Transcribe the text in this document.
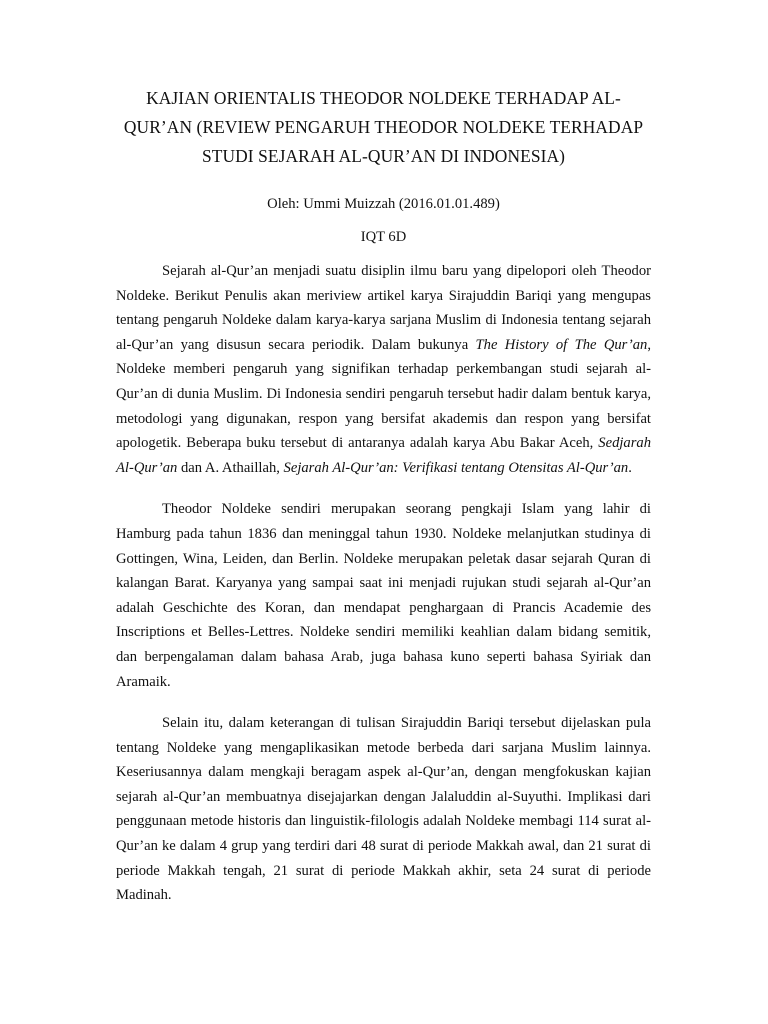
KAJIAN ORIENTALIS THEODOR NOLDEKE TERHADAP AL-QUR’AN (REVIEW PENGARUH THEODOR NOLDEKE TERHADAP STUDI SEJARAH AL-QUR’AN DI INDONESIA)
Oleh: Ummi Muizzah (2016.01.01.489)
IQT 6D

Sejarah al-Qur’an menjadi suatu disiplin ilmu baru yang dipelopori oleh Theodor Noldeke. Berikut Penulis akan meriview artikel karya Sirajuddin Bariqi yang mengupas tentang pengaruh Noldeke dalam karya-karya sarjana Muslim di Indonesia tentang sejarah al-Qur’an yang disusun secara periodik. Dalam bukunya The History of The Qur’an, Noldeke memberi pengaruh yang signifikan terhadap perkembangan studi sejarah al-Qur’an di dunia Muslim. Di Indonesia sendiri pengaruh tersebut hadir dalam bentuk karya, metodologi yang digunakan, respon yang bersifat akademis dan respon yang bersifat apologetik. Beberapa buku tersebut di antaranya adalah karya Abu Bakar Aceh, Sedjarah Al-Qur’an dan A. Athaillah, Sejarah Al-Qur’an: Verifikasi tentang Otensitas Al-Qur’an.

Theodor Noldeke sendiri merupakan seorang pengkaji Islam yang lahir di Hamburg pada tahun 1836 dan meninggal tahun 1930. Noldeke melanjutkan studinya di Gottingen, Wina, Leiden, dan Berlin. Noldeke merupakan peletak dasar sejarah Quran di kalangan Barat. Karyanya yang sampai saat ini menjadi rujukan studi sejarah al-Qur’an adalah Geschichte des Koran, dan mendapat penghargaan di Prancis Academie des Inscriptions et Belles-Lettres. Noldeke sendiri memiliki keahlian dalam bidang semitik, dan berpengalaman dalam bahasa Arab, juga bahasa kuno seperti bahasa Syiriak dan Aramaik.

Selain itu, dalam keterangan di tulisan Sirajuddin Bariqi tersebut dijelaskan pula tentang Noldeke yang mengaplikasikan metode berbeda dari sarjana Muslim lainnya. Keseriusannya dalam mengkaji beragam aspek al-Qur’an, dengan mengfokuskan kajian sejarah al-Qur’an membuatnya disejajarkan dengan Jalaluddin al-Suyuthi. Implikasi dari penggunaan metode historis dan linguistik-filologis adalah Noldeke membagi 114 surat al-Qur’an ke dalam 4 grup yang terdiri dari 48 surat di periode Makkah awal, dan 21 surat di periode Makkah tengah, 21 surat di periode Makkah akhir, seta 24 surat di periode Madinah.
